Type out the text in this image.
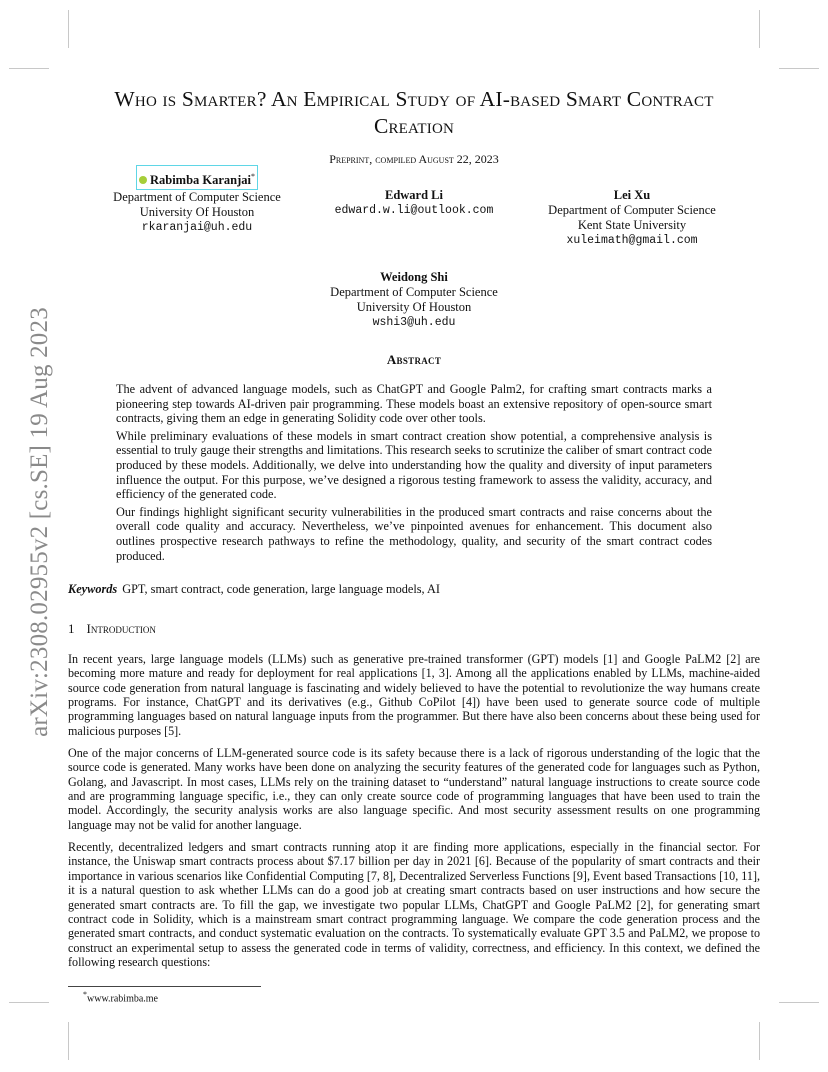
arXiv:2308.02955v2 [cs.SE] 19 Aug 2023
Who is Smarter? An Empirical Study of AI-based Smart Contract
Creation
Preprint, compiled August 22, 2023
Rabimba Karanjai*
Department of Computer Science
University Of Houston
rkaranjai@uh.edu
Edward Li
edward.w.li@outlook.com
Lei Xu
Department of Computer Science
Kent State University
xuleimath@gmail.com
Weidong Shi
Department of Computer Science
University Of Houston
wshi3@uh.edu
Abstract

The advent of advanced language models, such as ChatGPT and Google Palm2, for crafting smart contracts marks a pioneering step towards AI-driven pair programming. These models boast an extensive repository of open-source smart contracts, giving them an edge in generating Solidity code over other tools.

While preliminary evaluations of these models in smart contract creation show potential, a comprehensive analysis is essential to truly gauge their strengths and limitations. This research seeks to scrutinize the caliber of smart contract code produced by these models. Additionally, we delve into understanding how the quality and diversity of input parameters influence the output. For this purpose, we’ve designed a rigorous testing framework to assess the validity, accuracy, and efficiency of the generated code.

Our findings highlight significant security vulnerabilities in the produced smart contracts and raise concerns about the overall code quality and accuracy. Nevertheless, we’ve pinpointed avenues for enhancement. This document also outlines prospective research pathways to refine the methodology, quality, and security of the smart contract codes produced.

Keywords GPT, smart contract, code generation, large language models, AI
1 Introduction

In recent years, large language models (LLMs) such as generative pre-trained transformer (GPT) models [1] and Google PaLM2 [2] are becoming more mature and ready for deployment for real applications [1, 3]. Among all the applications enabled by LLMs, machine-aided source code generation from natural language is fascinating and widely believed to have the potential to revolutionize the way humans create programs. For instance, ChatGPT and its derivatives (e.g., Github CoPilot [4]) have been used to generate source code of multiple programming languages based on natural language inputs from the programmer. But there have also been concerns about these being used for malicious purposes [5].

One of the major concerns of LLM-generated source code is its safety because there is a lack of rigorous understanding of the logic that the source code is generated. Many works have been done on analyzing the security features of the generated code for languages such as Python, Golang, and Javascript. In most cases, LLMs rely on the training dataset to “understand” natural language instructions to create source code and are programming language specific, i.e., they can only create source code of programming languages that have been used to train the model. Accordingly, the security analysis works are also language specific. And most security assessment results on one programming language may not be valid for another language.

Recently, decentralized ledgers and smart contracts running atop it are finding more applications, especially in the financial sector. For instance, the Uniswap smart contracts process about $7.17 billion per day in 2021 [6]. Because of the popularity of smart contracts and their importance in various scenarios like Confidential Computing [7, 8], Decentralized Serverless Functions [9], Event based Transactions [10, 11], it is a natural question to ask whether LLMs can do a good job at creating smart contracts based on user instructions and how secure the generated smart contracts are. To fill the gap, we investigate two popular LLMs, ChatGPT and Google PaLM2 [2], for generating smart contract code in Solidity, which is a mainstream smart contract programming language. We compare the code generation process and the generated smart contracts, and conduct systematic evaluation on the contracts. To systematically evaluate GPT 3.5 and PaLM2, we propose to construct an experimental setup to assess the generated code in terms of validity, correctness, and efficiency. In this context, we defined the following research questions:

*www.rabimba.me
